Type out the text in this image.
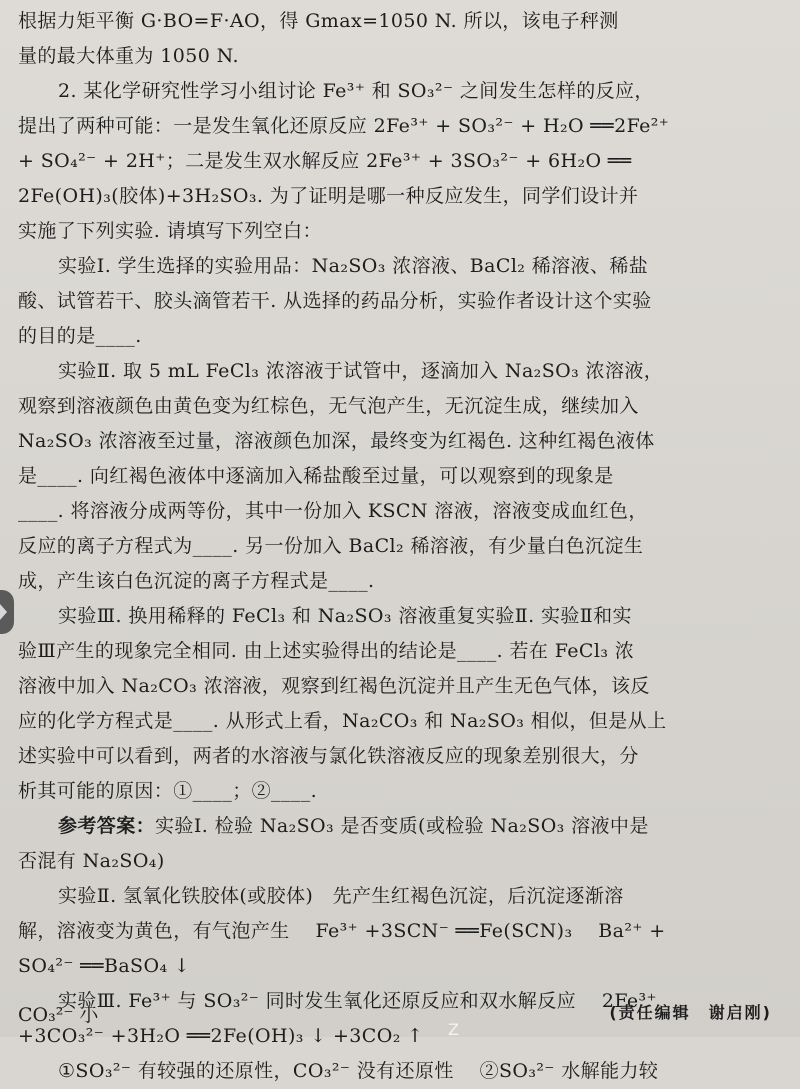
根据力矩平衡 G·BO=F·AO，得 Gmax=1050 N. 所以，该电子秤测
量的最大体重为 1050 N.
2. 某化学研究性学习小组讨论 Fe³⁺ 和 SO₃²⁻ 之间发生怎样的反应，
提出了两种可能：一是发生氧化还原反应 2Fe³⁺ + SO₃²⁻ + H₂O ══2Fe²⁺
+ SO₄²⁻ + 2H⁺；二是发生双水解反应 2Fe³⁺ + 3SO₃²⁻ + 6H₂O ══
2Fe(OH)₃(胶体)+3H₂SO₃. 为了证明是哪一种反应发生，同学们设计并
实施了下列实验. 请填写下列空白：
实验Ⅰ. 学生选择的实验用品：Na₂SO₃ 浓溶液、BaCl₂ 稀溶液、稀盐
酸、试管若干、胶头滴管若干. 从选择的药品分析，实验作者设计这个实验
的目的是____.
实验Ⅱ. 取 5 mL FeCl₃ 浓溶液于试管中，逐滴加入 Na₂SO₃ 浓溶液，
观察到溶液颜色由黄色变为红棕色，无气泡产生，无沉淀生成，继续加入
Na₂SO₃ 浓溶液至过量，溶液颜色加深，最终变为红褐色. 这种红褐色液体
是____. 向红褐色液体中逐滴加入稀盐酸至过量，可以观察到的现象是
____. 将溶液分成两等份，其中一份加入 KSCN 溶液，溶液变成血红色，
反应的离子方程式为____. 另一份加入 BaCl₂ 稀溶液，有少量白色沉淀生
成，产生该白色沉淀的离子方程式是____.
实验Ⅲ. 换用稀释的 FeCl₃ 和 Na₂SO₃ 溶液重复实验Ⅱ. 实验Ⅱ和实
验Ⅲ产生的现象完全相同. 由上述实验得出的结论是____. 若在 FeCl₃ 浓
溶液中加入 Na₂CO₃ 浓溶液，观察到红褐色沉淀并且产生无色气体，该反
应的化学方程式是____. 从形式上看，Na₂CO₃ 和 Na₂SO₃ 相似，但是从上
述实验中可以看到，两者的水溶液与氯化铁溶液反应的现象差别很大，分
析其可能的原因：①____；②____.
参考答案：实验Ⅰ. 检验 Na₂SO₃ 是否变质(或检验 Na₂SO₃ 溶液中是
否混有 Na₂SO₄)
实验Ⅱ. 氢氧化铁胶体(或胶体)　先产生红褐色沉淀，后沉淀逐渐溶
解，溶液变为黄色，有气泡产生　 Fe³⁺ +3SCN⁻ ══Fe(SCN)₃　 Ba²⁺ +
SO₄²⁻ ══BaSO₄ ↓
实验Ⅲ. Fe³⁺ 与 SO₃²⁻ 同时发生氧化还原反应和双水解反应　 2Fe³⁺
+3CO₃²⁻ +3H₂O ══2Fe(OH)₃ ↓ +3CO₂ ↑
①SO₃²⁻ 有较强的还原性，CO₃²⁻ 没有还原性　 ②SO₃²⁻ 水解能力较
CO₃²⁻ 小	(责任编辑　谢启刚)
Z
